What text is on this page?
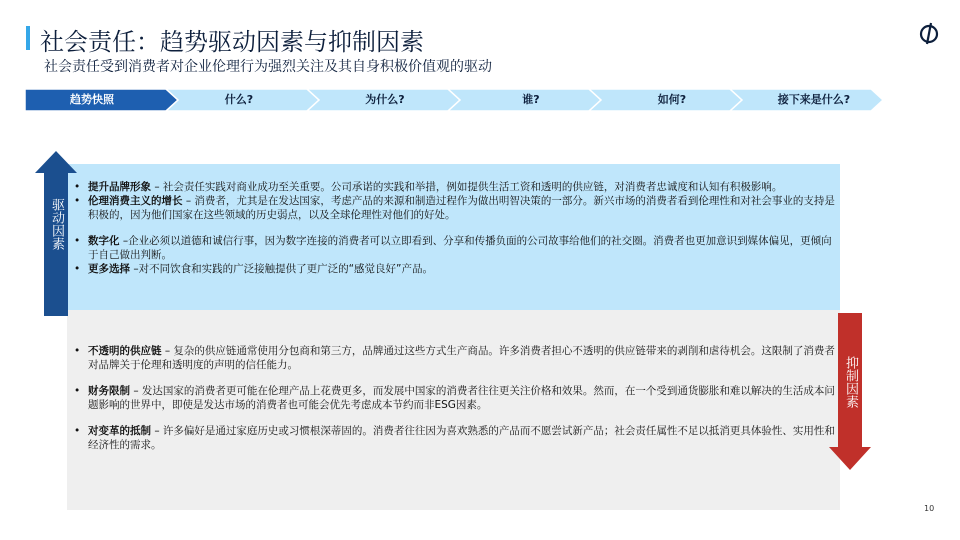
社会责任：趋势驱动因素与抑制因素
社会责任受到消费者对企业伦理行为强烈关注及其自身积极价值观的驱动
趋势快照	什么?	为什么?	谁?	如何?	接下来是什么?
驱动因素
抑制因素
• 提升品牌形象 – 社会责任实践对商业成功至关重要。公司承诺的实践和举措，例如提供生活工资和透明的供应链，对消费者忠诚度和认知有积极影响。
• 伦理消费主义的增长 – 消费者，尤其是在发达国家，考虑产品的来源和制造过程作为做出明智决策的一部分。新兴市场的消费者看到伦理性和对社会事业的支持是积极的，因为他们国家在这些领域的历史弱点，以及全球伦理性对他们的好处。
• 数字化 –企业必须以道德和诚信行事，因为数字连接的消费者可以立即看到、分享和传播负面的公司故事给他们的社交圈。消费者也更加意识到媒体偏见，更倾向于自己做出判断。
• 更多选择 –对不同饮食和实践的广泛接触提供了更广泛的“感觉良好”产品。
• 不透明的供应链 – 复杂的供应链通常使用分包商和第三方，品牌通过这些方式生产商品。许多消费者担心不透明的供应链带来的剥削和虐待机会。这限制了消费者对品牌关于伦理和透明度的声明的信任能力。
• 财务限制 – 发达国家的消费者更可能在伦理产品上花费更多，而发展中国家的消费者往往更关注价格和效果。然而，在一个受到通货膨胀和难以解决的生活成本问题影响的世界中，即使是发达市场的消费者也可能会优先考虑成本节约而非ESG因素。
• 对变革的抵制 – 许多偏好是通过家庭历史或习惯根深蒂固的。消费者往往因为喜欢熟悉的产品而不愿尝试新产品；社会责任属性不足以抵消更具体验性、实用性和经济性的需求。
10
